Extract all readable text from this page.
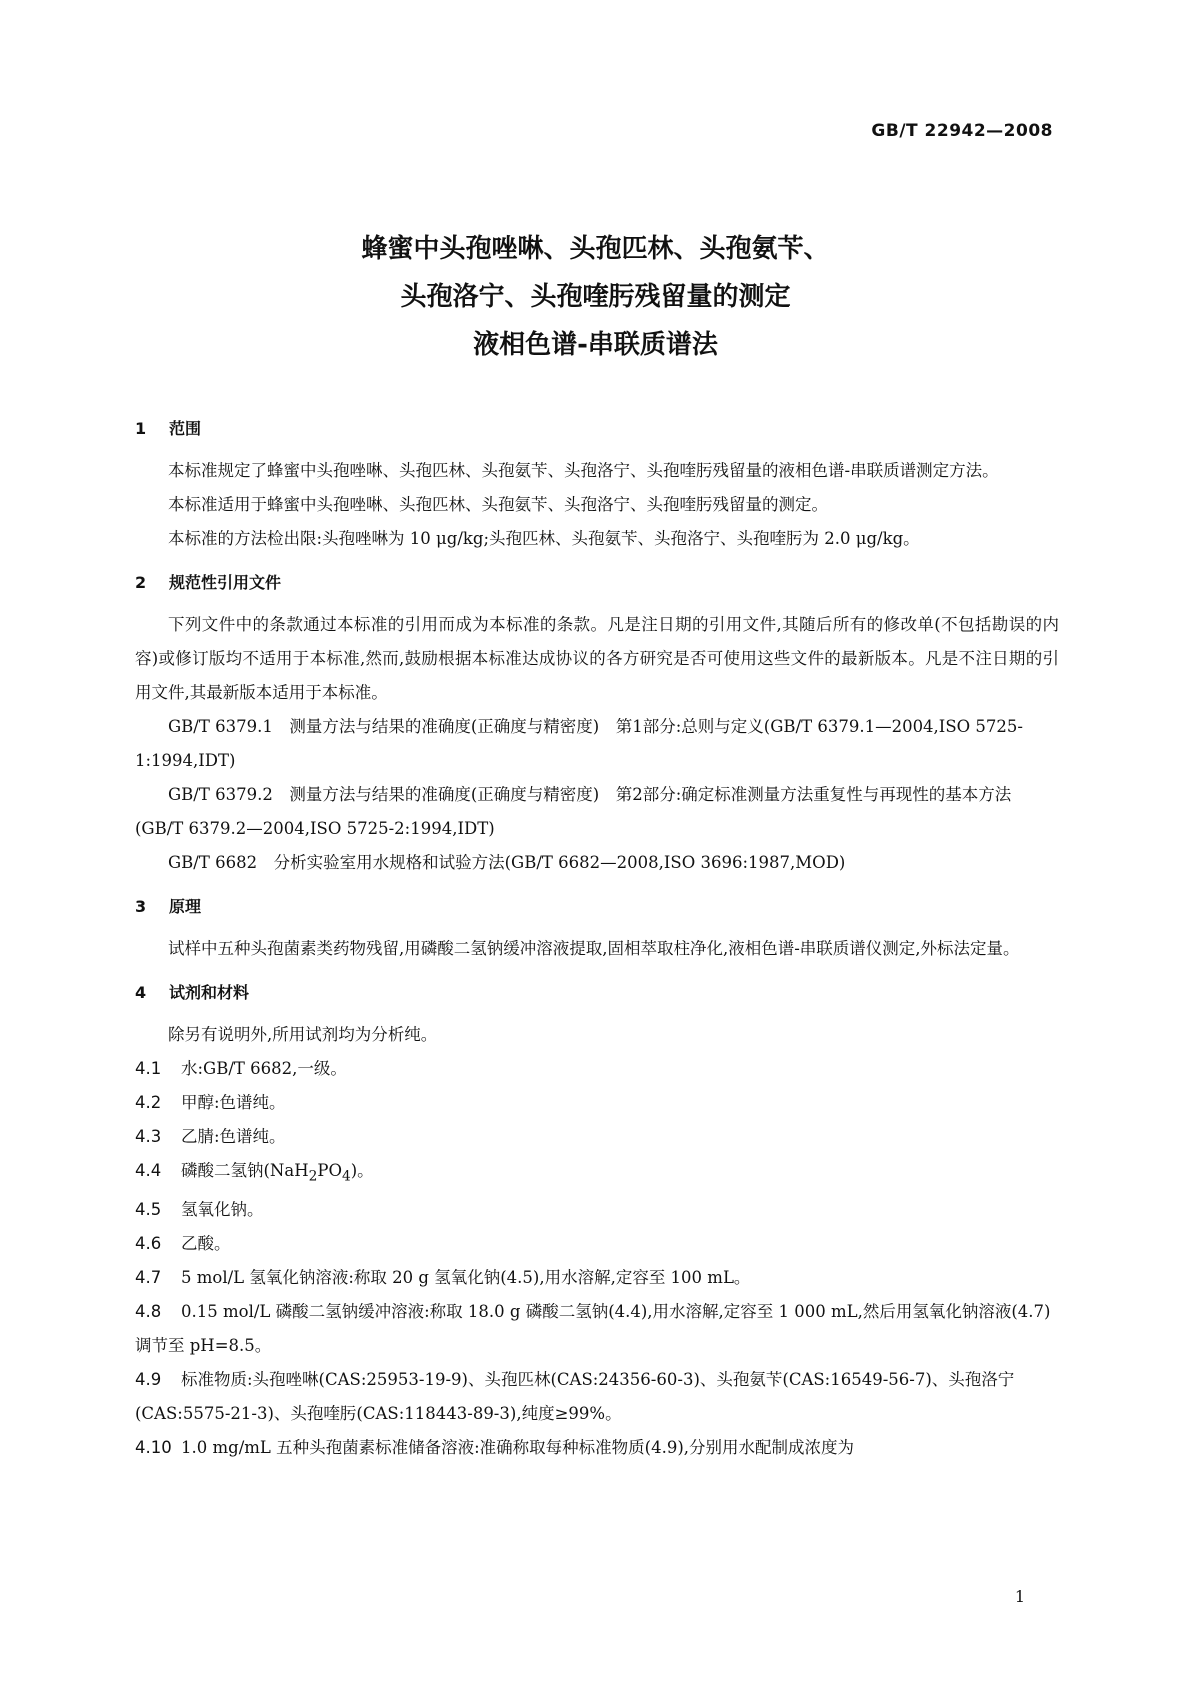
GB/T 22942—2008
蜂蜜中头孢唑啉、头孢匹林、头孢氨苄、
头孢洛宁、头孢喹肟残留量的测定
液相色谱-串联质谱法
1 范围
本标准规定了蜂蜜中头孢唑啉、头孢匹林、头孢氨苄、头孢洛宁、头孢喹肟残留量的液相色谱-串联质谱测定方法。
本标准适用于蜂蜜中头孢唑啉、头孢匹林、头孢氨苄、头孢洛宁、头孢喹肟残留量的测定。
本标准的方法检出限:头孢唑啉为 10 μg/kg;头孢匹林、头孢氨苄、头孢洛宁、头孢喹肟为 2.0 μg/kg。
2 规范性引用文件
下列文件中的条款通过本标准的引用而成为本标准的条款。凡是注日期的引用文件,其随后所有的修改单(不包括勘误的内容)或修订版均不适用于本标准,然而,鼓励根据本标准达成协议的各方研究是否可使用这些文件的最新版本。凡是不注日期的引用文件,其最新版本适用于本标准。
GB/T 6379.1　测量方法与结果的准确度(正确度与精密度)　第1部分:总则与定义(GB/T 6379.1—2004,ISO 5725-1:1994,IDT)
GB/T 6379.2　测量方法与结果的准确度(正确度与精密度)　第2部分:确定标准测量方法重复性与再现性的基本方法(GB/T 6379.2—2004,ISO 5725-2:1994,IDT)
GB/T 6682　分析实验室用水规格和试验方法(GB/T 6682—2008,ISO 3696:1987,MOD)
3 原理
试样中五种头孢菌素类药物残留,用磷酸二氢钠缓冲溶液提取,固相萃取柱净化,液相色谱-串联质谱仪测定,外标法定量。
4 试剂和材料
除另有说明外,所用试剂均为分析纯。
4.1 水:GB/T 6682,一级。
4.2 甲醇:色谱纯。
4.3 乙腈:色谱纯。
4.4 磷酸二氢钠$(NaH_2PO_4)$。
4.5 氢氧化钠。
4.6 乙酸。
4.7 5 mol/L 氢氧化钠溶液:称取 20 g 氢氧化钠(4.5),用水溶解,定容至 100 mL。
4.8 0.15 mol/L 磷酸二氢钠缓冲溶液:称取 18.0 g 磷酸二氢钠(4.4),用水溶解,定容至 1 000 mL,然后用氢氧化钠溶液(4.7)调节至 pH=8.5。
4.9 标准物质:头孢唑啉(CAS:25953-19-9)、头孢匹林(CAS:24356-60-3)、头孢氨苄(CAS:16549-56-7)、头孢洛宁(CAS:5575-21-3)、头孢喹肟(CAS:118443-89-3),纯度≥99%。
4.10 1.0 mg/mL 五种头孢菌素标准储备溶液:准确称取每种标准物质(4.9),分别用水配制成浓度为
1
